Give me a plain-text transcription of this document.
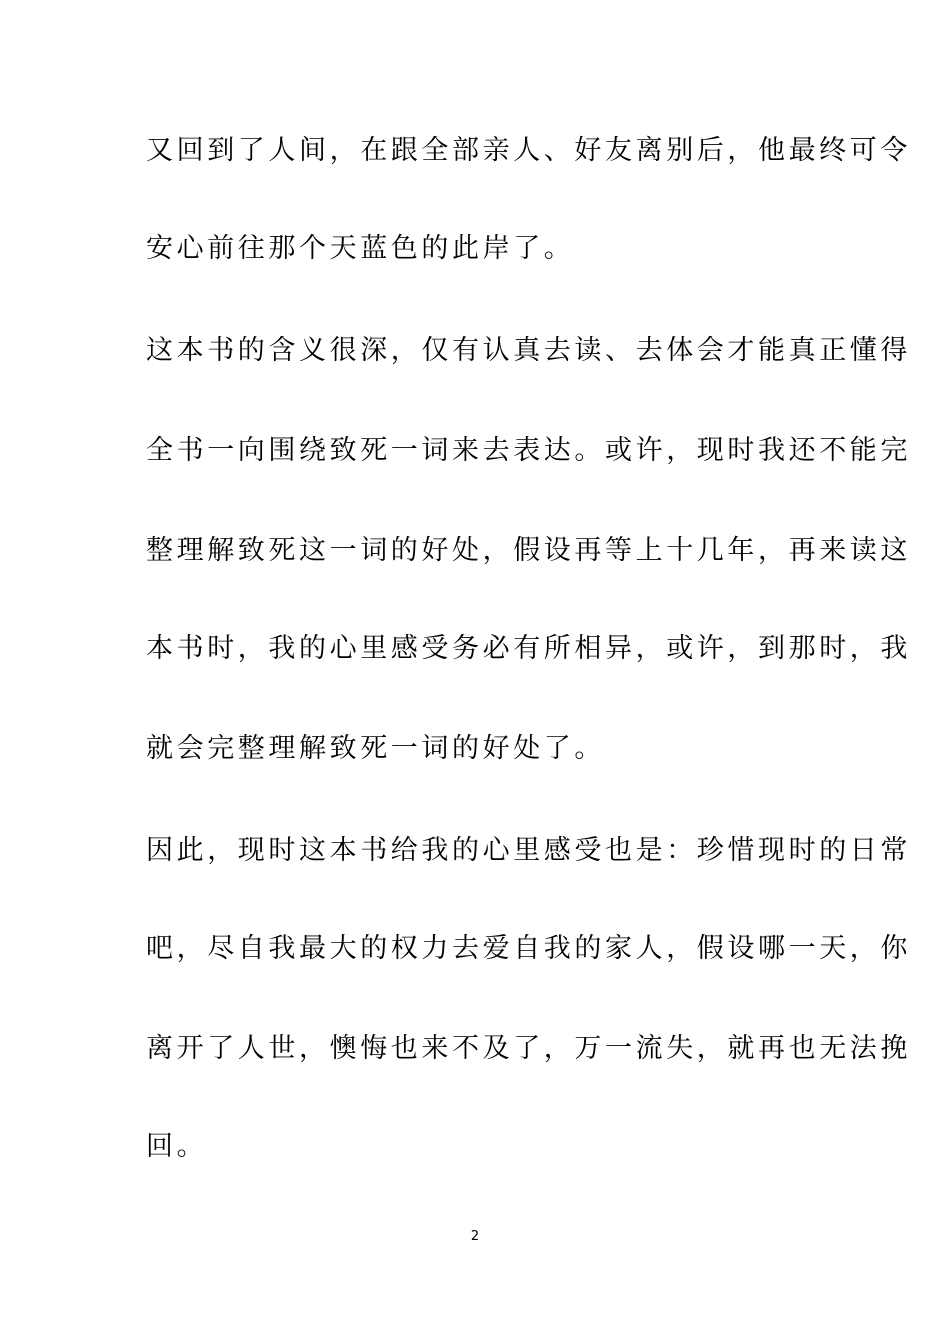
又回到了人间，在跟全部亲人、好友离别后，他最终可令
安心前往那个天蓝色的此岸了。
这本书的含义很深，仅有认真去读、去体会才能真正懂得
全书一向围绕致死一词来去表达。或许，现时我还不能完
整理解致死这一词的好处，假设再等上十几年，再来读这
本书时，我的心里感受务必有所相异，或许，到那时，我
就会完整理解致死一词的好处了。
因此，现时这本书给我的心里感受也是：珍惜现时的日常
吧，尽自我最大的权力去爱自我的家人，假设哪一天，你
离开了人世，懊悔也来不及了，万一流失，就再也无法挽
回。
2
